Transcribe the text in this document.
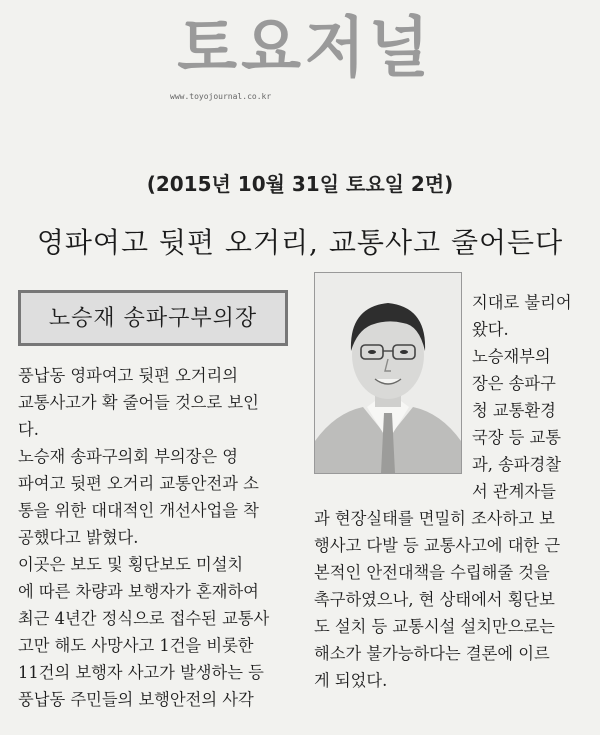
토요저널
www.toyojournal.co.kr
(2015년 10월 31일 토요일 2면)
영파여고 뒷편 오거리, 교통사고 줄어든다
노승재 송파구부의장

풍납동 영파여고 뒷편 오거리의

교통사고가 확 줄어들 것으로 보인

다.

노승재 송파구의회 부의장은 영

파여고 뒷편 오거리 교통안전과 소

통을 위한 대대적인 개선사업을 착

공했다고 밝혔다.

이곳은 보도 및 횡단보도 미설치

에 따른 차량과 보행자가 혼재하여

최근 4년간 정식으로 접수된 교통사

고만 해도 사망사고 1건을 비롯한

11건의 보행자 사고가 발생하는 등

풍납동 주민들의 보행안전의 사각

지대로 불리어

왔다.

노승재부의

장은 송파구

청 교통환경

국장 등 교통

과, 송파경찰

서 관계자들

과 현장실태를 면밀히 조사하고 보

행사고 다발 등 교통사고에 대한 근

본적인 안전대책을 수립해줄 것을

촉구하였으나, 현 상태에서 횡단보

도 설치 등 교통시설 설치만으로는

해소가 불가능하다는 결론에 이르

게 되었다.
